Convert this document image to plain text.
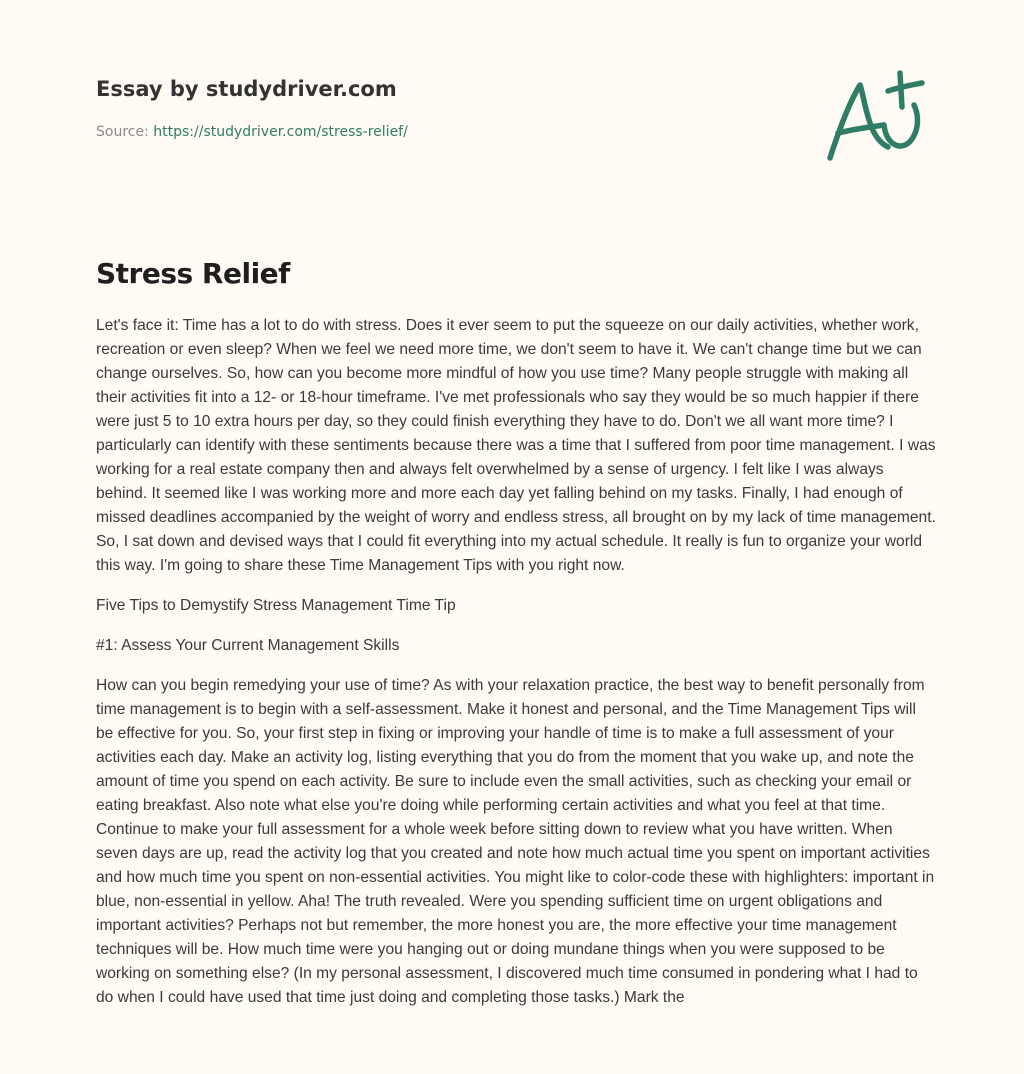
Essay by studydriver.com
Source: https://studydriver.com/stress-relief/
Stress Relief

Let's face it: Time has a lot to do with stress. Does it ever seem to put the squeeze on our daily activities, whether work, recreation or even sleep? When we feel we need more time, we don't seem to have it. We can't change time but we can change ourselves. So, how can you become more mindful of how you use time? Many people struggle with making all their activities fit into a 12- or 18-hour timeframe. I've met professionals who say they would be so much happier if there were just 5 to 10 extra hours per day, so they could finish everything they have to do. Don't we all want more time? I particularly can identify with these sentiments because there was a time that I suffered from poor time management. I was working for a real estate company then and always felt overwhelmed by a sense of urgency. I felt like I was always behind. It seemed like I was working more and more each day yet falling behind on my tasks. Finally, I had enough of missed deadlines accompanied by the weight of worry and endless stress, all brought on by my lack of time management. So, I sat down and devised ways that I could fit everything into my actual schedule. It really is fun to organize your world this way. I'm going to share these Time Management Tips with you right now.

Five Tips to Demystify Stress Management Time Tip

#1: Assess Your Current Management Skills

How can you begin remedying your use of time? As with your relaxation practice, the best way to benefit personally from time management is to begin with a self-assessment. Make it honest and personal, and the Time Management Tips will be effective for you. So, your first step in fixing or improving your handle of time is to make a full assessment of your activities each day. Make an activity log, listing everything that you do from the moment that you wake up, and note the amount of time you spend on each activity. Be sure to include even the small activities, such as checking your email or eating breakfast. Also note what else you're doing while performing certain activities and what you feel at that time. Continue to make your full assessment for a whole week before sitting down to review what you have written. When seven days are up, read the activity log that you created and note how much actual time you spent on important activities and how much time you spent on non-essential activities. You might like to color-code these with highlighters: important in blue, non-essential in yellow. Aha! The truth revealed. Were you spending sufficient time on urgent obligations and important activities? Perhaps not but remember, the more honest you are, the more effective your time management techniques will be. How much time were you hanging out or doing mundane things when you were supposed to be working on something else? (In my personal assessment, I discovered much time consumed in pondering what I had to do when I could have used that time just doing and completing those tasks.) Mark the
